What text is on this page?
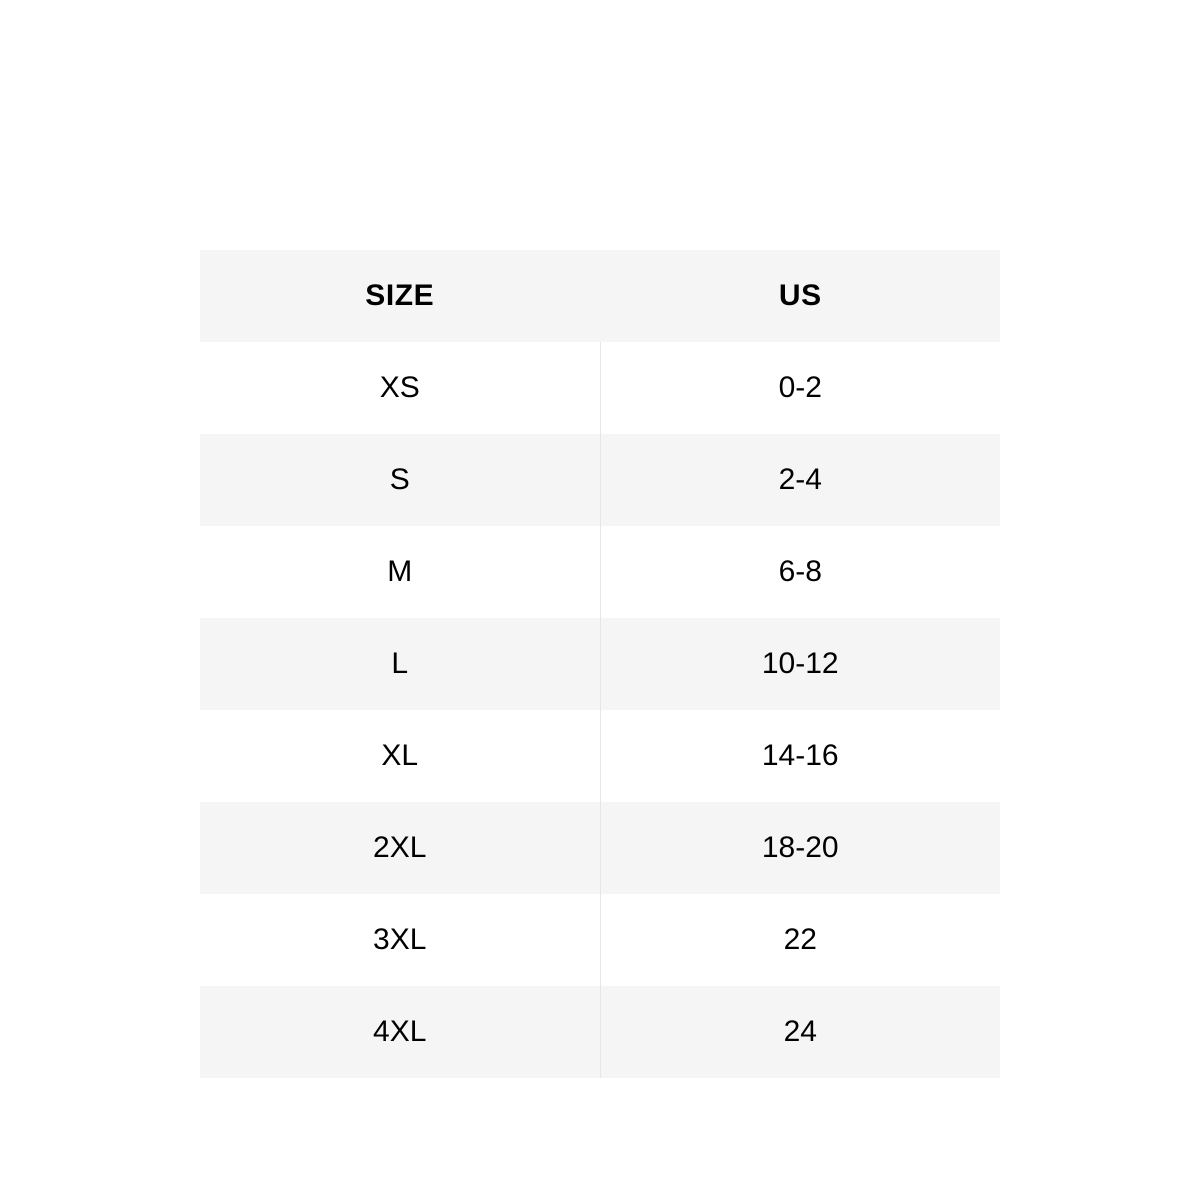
SIZE	US
XS	0-2
S	2-4
M	6-8
L	10-12
XL	14-16
2XL	18-20
3XL	22
4XL	24
